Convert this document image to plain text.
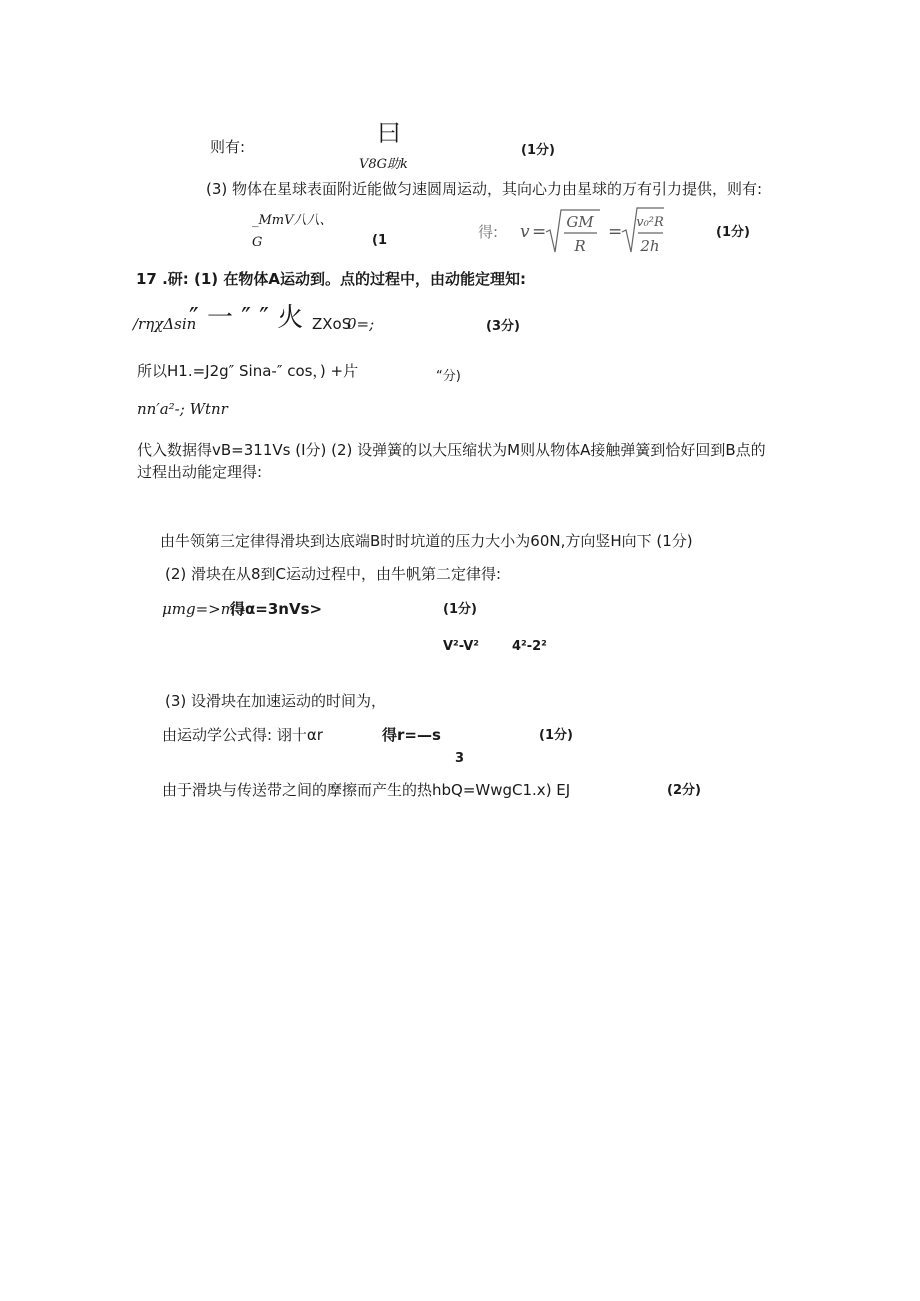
曰
则有:
V8G助k
(1分)
(3) 物体在星球表面附近能做匀速圆周运动，其向心力由星球的万有引力提供，则有:
_MmV八八、
G	(1	得: v = GM
R
= v₀²R
2h
(1分)
17 .研: (1) 在物体A运动到。点的过程中，由动能定理知:
∕rηχΔsin
″ 一 ″ ″ 火 ZXoS
0=;	(3分)
所以H1.=J2g″ Sina-″ cos，) +片	“分)
nn′a²-; Wtnr
代入数据得vB=311Vs (I分) (2) 设弹簧的以大压缩状为M则从物体A接触弹簧到恰好回到B点的
过程出动能定理得:
由牛领第三定律得滑块到达底端B时时坑道的压力大小为60N,方向竖H向下 (1分)
(2) 滑块在从8到C运动过程中，由牛帆第二定律得:
μmg=>m ι
得α=3nVs>	(1分)
V²-V²	4²-2²
(3) 设滑块在加速运动的时间为，
由运动学公式得: 诩十αr	得r=—s	(1分)
3
由于滑块与传送带之间的摩擦而产生的热hbQ=WwgC1.x) EJ	(2分)
